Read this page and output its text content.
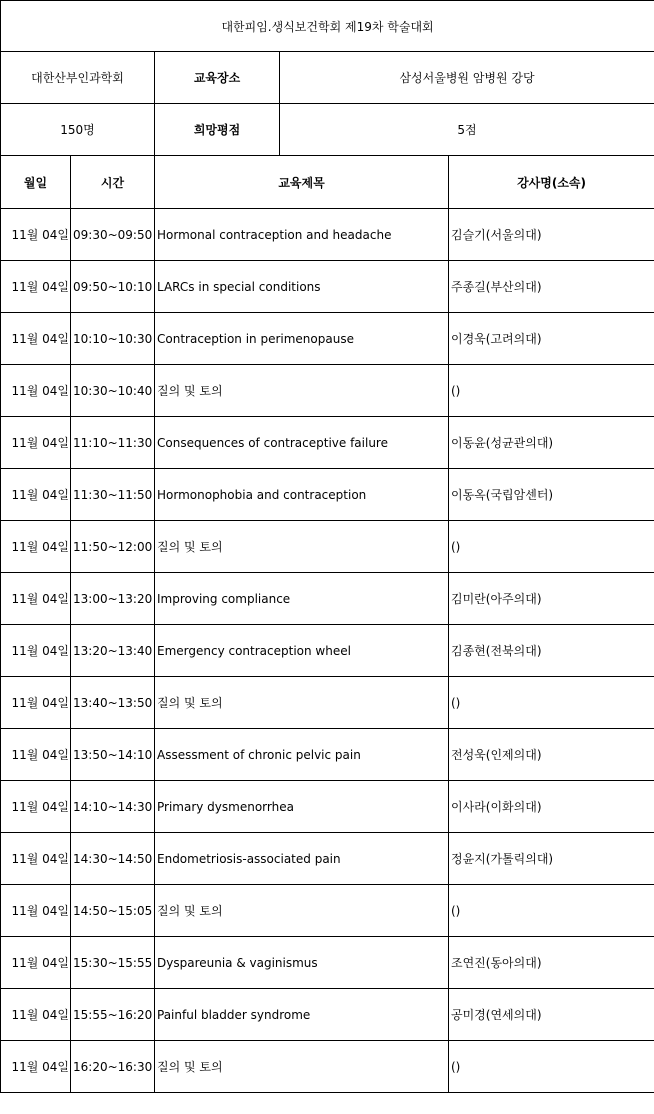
대한피임.생식보건학회 제19차 학술대회				
대한산부인과학회		교육장소	삼성서울병원 암병원 강당	
150명		희망평점	5점	
월일	시간	교육제목		강사명(소속)
11월 04일	09:30~09:50	Hormonal contraception and headache		김슬기(서울의대)
11월 04일	09:50~10:10	LARCs in special conditions		주종길(부산의대)
11월 04일	10:10~10:30	Contraception in perimenopause		이경욱(고려의대)
11월 04일	10:30~10:40	질의 및 토의		()
11월 04일	11:10~11:30	Consequences of contraceptive failure		이동윤(성균관의대)
11월 04일	11:30~11:50	Hormonophobia and contraception		이동옥(국립암센터)
11월 04일	11:50~12:00	질의 및 토의		()
11월 04일	13:00~13:20	Improving compliance		김미란(아주의대)
11월 04일	13:20~13:40	Emergency contraception wheel		김종현(전북의대)
11월 04일	13:40~13:50	질의 및 토의		()
11월 04일	13:50~14:10	Assessment of chronic pelvic pain		전성욱(인제의대)
11월 04일	14:10~14:30	Primary dysmenorrhea		이사라(이화의대)
11월 04일	14:30~14:50	Endometriosis-associated pain		정윤지(가톨릭의대)
11월 04일	14:50~15:05	질의 및 토의		()
11월 04일	15:30~15:55	Dyspareunia & vaginismus		조연진(동아의대)
11월 04일	15:55~16:20	Painful bladder syndrome		공미경(연세의대)
11월 04일	16:20~16:30	질의 및 토의		()
